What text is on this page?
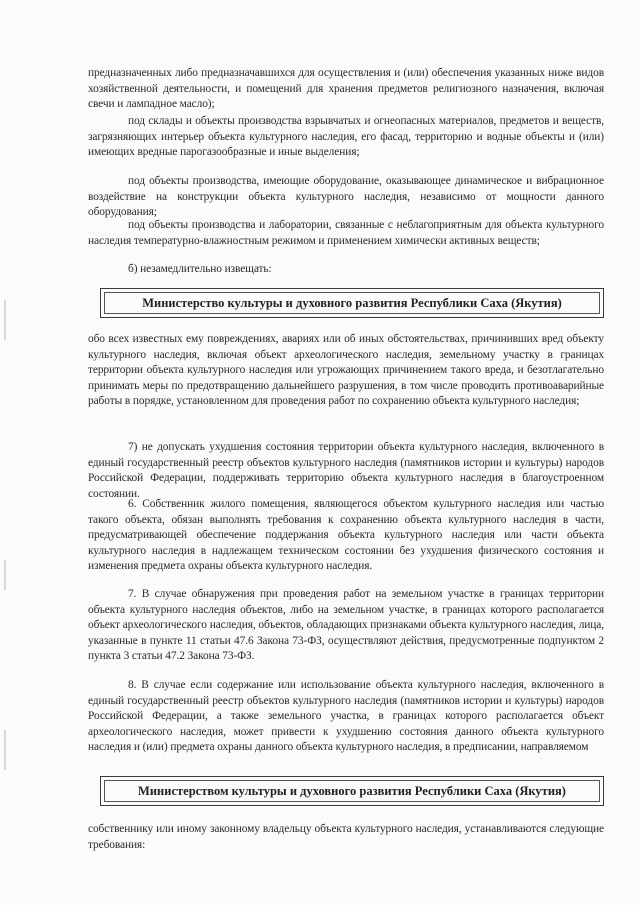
предназначенных либо предназначавшихся для осуществления и (или) обеспечения указанных ниже видов хозяйственной деятельности, и помещений для хранения предметов религиозного назначения, включая свечи и лампадное масло);

под склады и объекты производства взрывчатых и огнеопасных материалов, предметов и веществ, загрязняющих интерьер объекта культурного наследия, его фасад, территорию и водные объекты и (или) имеющих вредные парогазообразные и иные выделения;

под объекты производства, имеющие оборудование, оказывающее динамическое и вибрационное воздействие на конструкции объекта культурного наследия, независимо от мощности данного оборудования;

под объекты производства и лаборатории, связанные с неблагоприятным для объекта культурного наследия температурно-влажностным режимом и применением химически активных веществ;

б) незамедлительно извещать:

Министерство культуры и духовного развития Республики Саха (Якутия)

обо всех известных ему повреждениях, авариях или об иных обстоятельствах, причинивших вред объекту культурного наследия, включая объект археологического наследия, земельному участку в границах территории объекта культурного наследия или угрожающих причинением такого вреда, и безотлагательно принимать меры по предотвращению дальнейшего разрушения, в том числе проводить противоаварийные работы в порядке, установленном для проведения работ по сохранению объекта культурного наследия;

7) не допускать ухудшения состояния территории объекта культурного наследия, включенного в единый государственный реестр объектов культурного наследия (памятников истории и культуры) народов Российской Федерации, поддерживать территорию объекта культурного наследия в благоустроенном состоянии.

6. Собственник жилого помещения, являющегося объектом культурного наследия или частью такого объекта, обязан выполнять требования к сохранению объекта культурного наследия в части, предусматривающей обеспечение поддержания объекта культурного наследия или части объекта культурного наследия в надлежащем техническом состоянии без ухудшения физического состояния и изменения предмета охраны объекта культурного наследия.

7. В случае обнаружения при проведения работ на земельном участке в границах территории объекта культурного наследия объектов, либо на земельном участке, в границах которого располагается объект археологического наследия, объектов, обладающих признаками объекта культурного наследия, лица, указанные в пункте 11 статьи 47.6 Закона 73-ФЗ, осуществляют действия, предусмотренные подпунктом 2 пункта 3 статьи 47.2 Закона 73-ФЗ.

8. В случае если содержание или использование объекта культурного наследия, включенного в единый государственный реестр объектов культурного наследия (памятников истории и культуры) народов Российской Федерации, а также земельного участка, в границах которого располагается объект археологического наследия, может привести к ухудшению состояния данного объекта культурного наследия и (или) предмета охраны данного объекта культурного наследия, в предписании, направляемом

Министерством культуры и духовного развития Республики Саха (Якутия)

собственнику или иному законному владельцу объекта культурного наследия, устанавливаются следующие требования:
